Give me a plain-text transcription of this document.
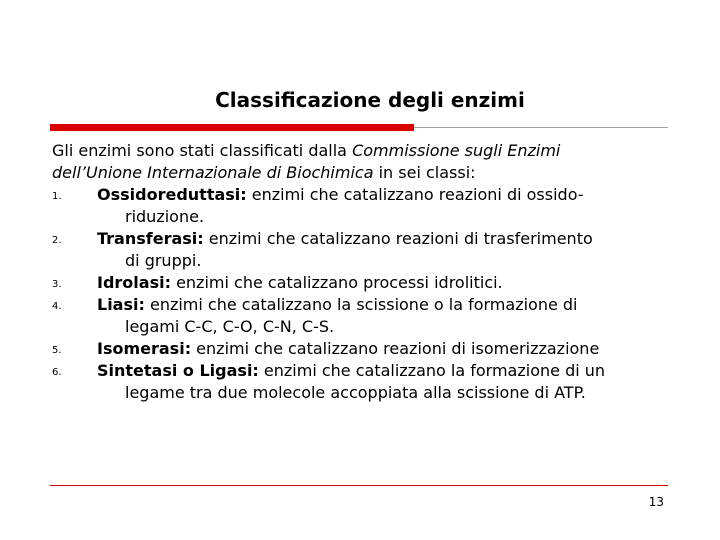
Classificazione degli enzimi

Gli enzimi sono stati classificati dalla Commissione sugli Enzimi
dell’Unione Internazionale di Biochimica in sei classi:

1. Ossidoreduttasi: enzimi che catalizzano reazioni di ossido-
riduzione.
2. Transferasi: enzimi che catalizzano reazioni di trasferimento
di gruppi.
3. Idrolasi: enzimi che catalizzano processi idrolitici.
4. Liasi: enzimi che catalizzano la scissione o la formazione di
legami C-C, C-O, C-N, C-S.
5. Isomerasi: enzimi che catalizzano reazioni di isomerizzazione
6. Sintetasi o Ligasi: enzimi che catalizzano la formazione di un
legame tra due molecole accoppiata alla scissione di ATP.
13
